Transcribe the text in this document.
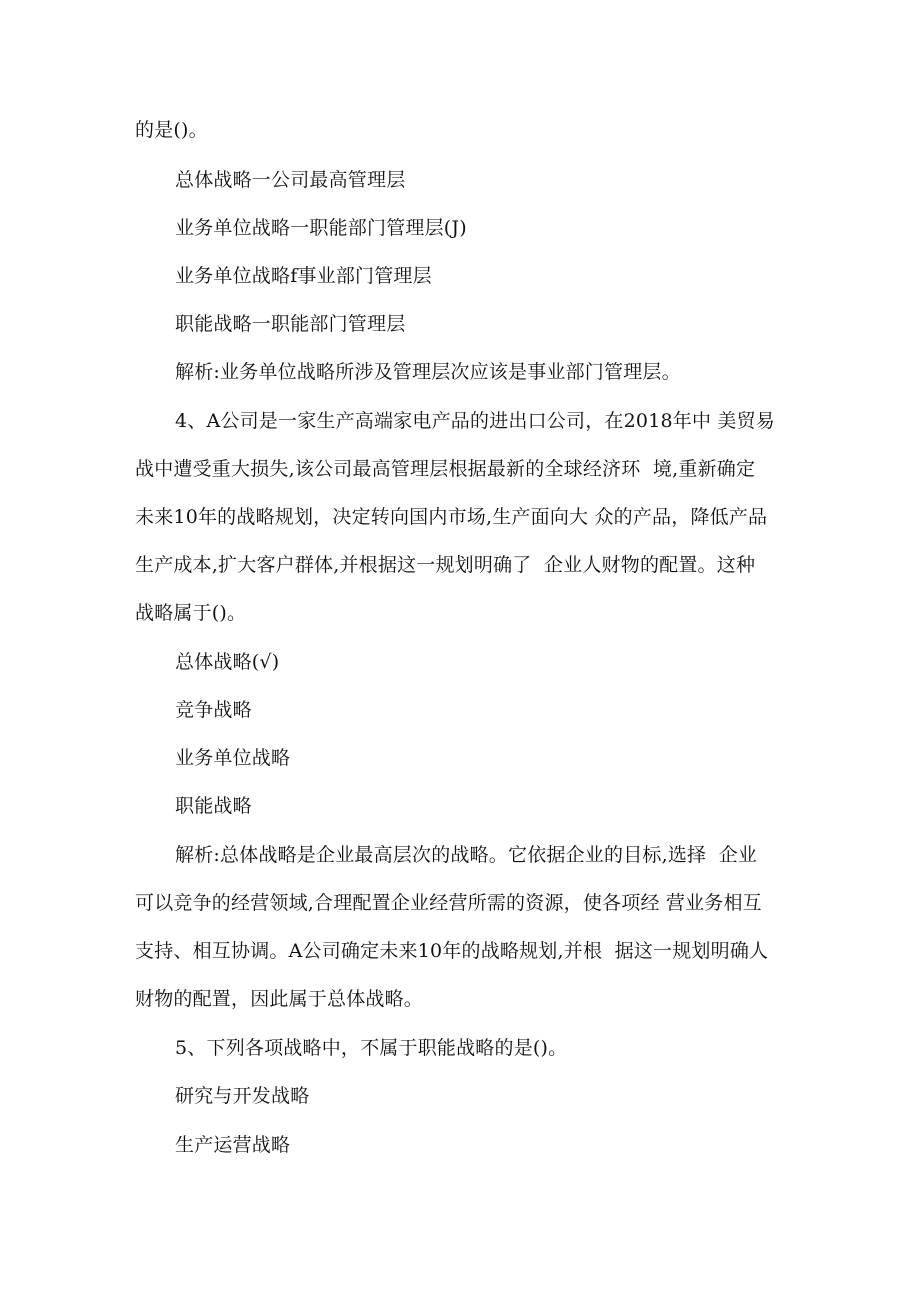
的是()。
总体战略一公司最高管理层
业务单位战略一职能部门管理层(J)
业务单位战略f事业部门管理层
职能战略一职能部门管理层
解析:业务单位战略所涉及管理层次应该是事业部门管理层。
4、A公司是一家生产高端家电产品的进出口公司，在2018年中 美贸易
战中遭受重大损失,该公司最高管理层根据最新的全球经济环  境,重新确定
未来10年的战略规划，决定转向国内市场,生产面向大 众的产品，降低产品
生产成本,扩大客户群体,并根据这一规划明确了  企业人财物的配置。这种
战略属于()。
总体战略(√)
竞争战略
业务单位战略
职能战略
解析:总体战略是企业最高层次的战略。它依据企业的目标,选择  企业
可以竞争的经营领域,合理配置企业经营所需的资源，使各项经 营业务相互
支持、相互协调。A公司确定未来10年的战略规划,并根  据这一规划明确人
财物的配置，因此属于总体战略。
5、下列各项战略中，不属于职能战略的是()。
研究与开发战略
生产运营战略
